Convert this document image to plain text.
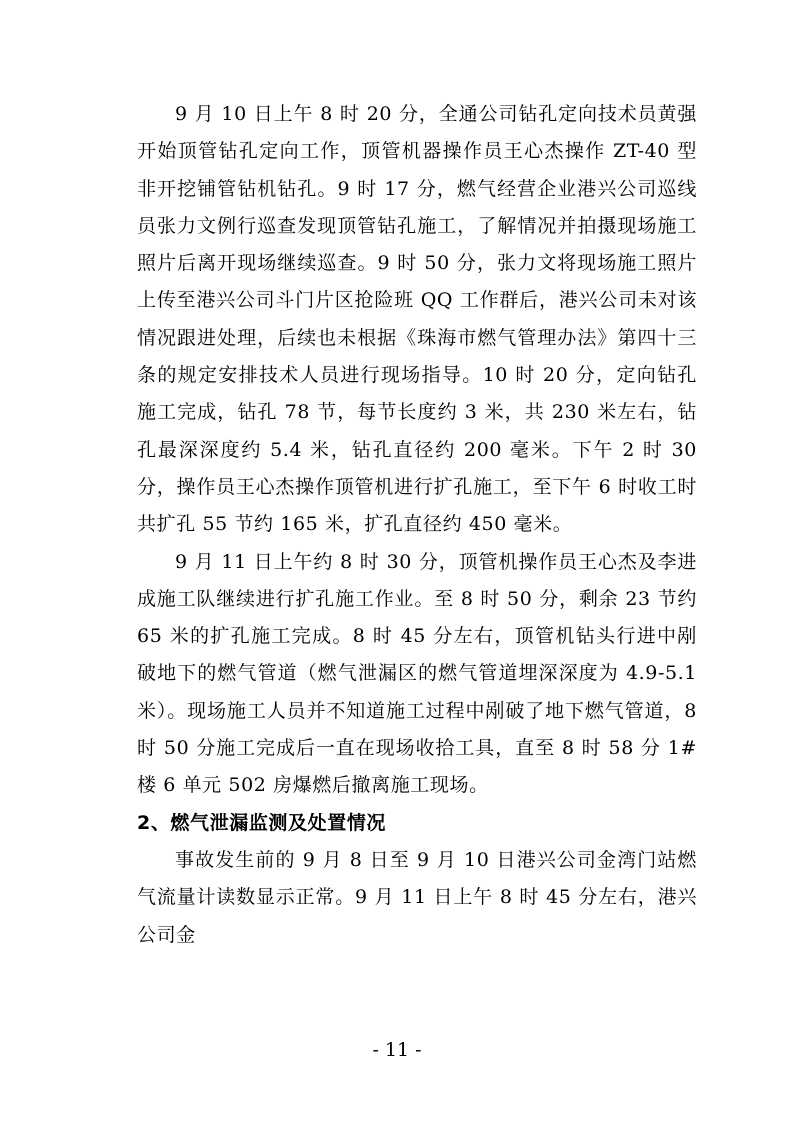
9 月 10 日上午 8 时 20 分，全通公司钻孔定向技术员黄强开始顶管钻孔定向工作，顶管机器操作员王心杰操作 ZT-40 型非开挖铺管钻机钻孔。9 时 17 分，燃气经营企业港兴公司巡线员张力文例行巡查发现顶管钻孔施工，了解情况并拍摄现场施工照片后离开现场继续巡查。9 时 50 分，张力文将现场施工照片上传至港兴公司斗门片区抢险班 QQ 工作群后，港兴公司未对该情况跟进处理，后续也未根据《珠海市燃气管理办法》第四十三条的规定安排技术人员进行现场指导。10 时 20 分，定向钻孔施工完成，钻孔 78 节，每节长度约 3 米，共 230 米左右，钻孔最深深度约 5.4 米，钻孔直径约 200 毫米。下午 2 时 30 分，操作员王心杰操作顶管机进行扩孔施工，至下午 6 时收工时共扩孔 55 节约 165 米，扩孔直径约 450 毫米。

9 月 11 日上午约 8 时 30 分，顶管机操作员王心杰及李进成施工队继续进行扩孔施工作业。至 8 时 50 分，剩余 23 节约 65 米的扩孔施工完成。8 时 45 分左右，顶管机钻头行进中剐破地下的燃气管道（燃气泄漏区的燃气管道埋深深度为 4.9-5.1 米）。现场施工人员并不知道施工过程中剐破了地下燃气管道，8 时 50 分施工完成后一直在现场收拾工具，直至 8 时 58 分 1#楼 6 单元 502 房爆燃后撤离施工现场。

2、燃气泄漏监测及处置情况

事故发生前的 9 月 8 日至 9 月 10 日港兴公司金湾门站燃气流量计读数显示正常。9 月 11 日上午 8 时 45 分左右，港兴公司金

- 11 -
